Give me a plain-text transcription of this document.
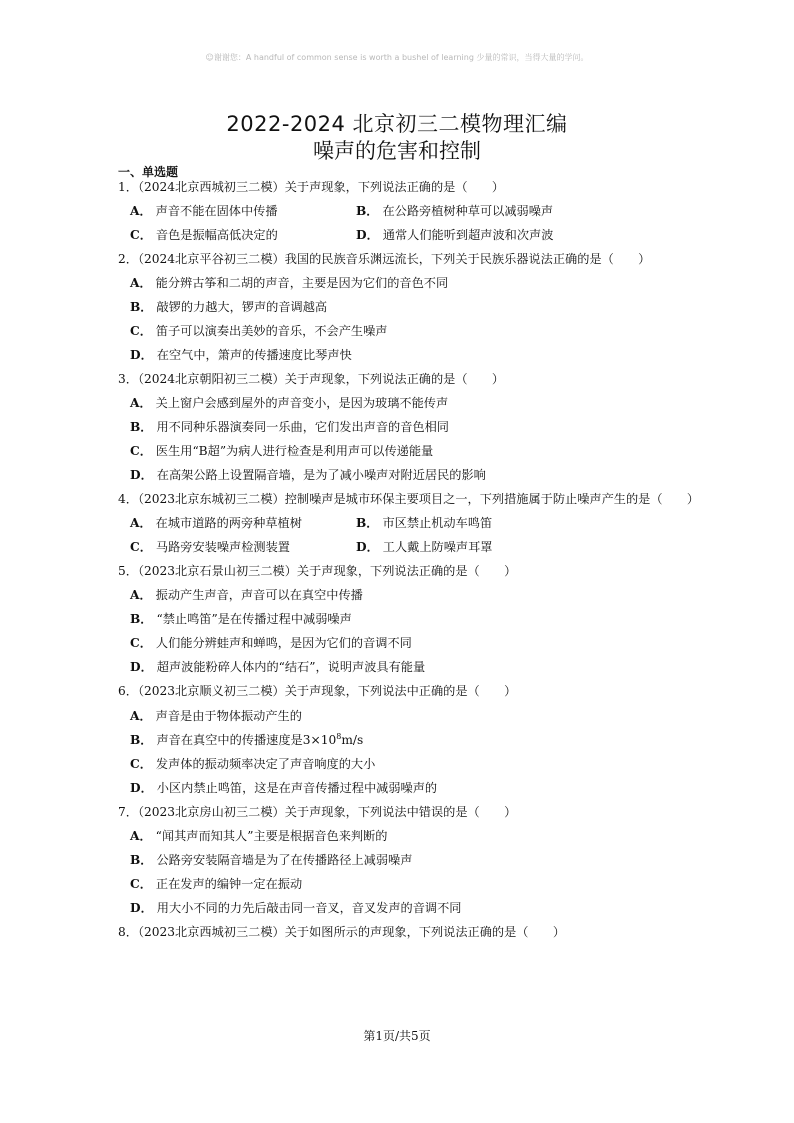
☺谢谢您：A handful of common sense is worth a bushel of learning 少量的常识，当得大量的学问。
2022-2024 北京初三二模物理汇编
噪声的危害和控制
一、单选题
1．（2024北京西城初三二模）关于声现象，下列说法正确的是（　　）
A． 声音不能在固体中传播	B． 在公路旁植树种草可以减弱噪声
C． 音色是振幅高低决定的	D． 通常人们能听到超声波和次声波
2．（2024北京平谷初三二模）我国的民族音乐渊远流长，下列关于民族乐器说法正确的是（　　）
A． 能分辨古筝和二胡的声音，主要是因为它们的音色不同
B． 敲锣的力越大，锣声的音调越高
C． 笛子可以演奏出美妙的音乐，不会产生噪声
D． 在空气中，箫声的传播速度比琴声快
3．（2024北京朝阳初三二模）关于声现象，下列说法正确的是（　　）
A． 关上窗户会感到屋外的声音变小，是因为玻璃不能传声
B． 用不同种乐器演奏同一乐曲，它们发出声音的音色相同
C． 医生用“B超”为病人进行检查是利用声可以传递能量
D． 在高架公路上设置隔音墙，是为了减小噪声对附近居民的影响
4．（2023北京东城初三二模）控制噪声是城市环保主要项目之一，下列措施属于防止噪声产生的是（　　）
A． 在城市道路的两旁种草植树	B． 市区禁止机动车鸣笛
C． 马路旁安装噪声检测装置	D． 工人戴上防噪声耳罩
5．（2023北京石景山初三二模）关于声现象，下列说法正确的是（　　）
A． 振动产生声音，声音可以在真空中传播
B． “禁止鸣笛”是在传播过程中减弱噪声
C． 人们能分辨蛙声和蝉鸣，是因为它们的音调不同
D． 超声波能粉碎人体内的“结石”，说明声波具有能量
6．（2023北京顺义初三二模）关于声现象，下列说法中正确的是（　　）
A． 声音是由于物体振动产生的
B． 声音在真空中的传播速度是$3\times 10^8m/s$
C． 发声体的振动频率决定了声音响度的大小
D． 小区内禁止鸣笛，这是在声音传播过程中减弱噪声的
7．（2023北京房山初三二模）关于声现象，下列说法中错误的是（　　）
A． “闻其声而知其人”主要是根据音色来判断的
B． 公路旁安装隔音墙是为了在传播路径上减弱噪声
C． 正在发声的编钟一定在振动
D． 用大小不同的力先后敲击同一音叉，音叉发声的音调不同
8．（2023北京西城初三二模）关于如图所示的声现象，下列说法正确的是（　　）
第1页/共5页
